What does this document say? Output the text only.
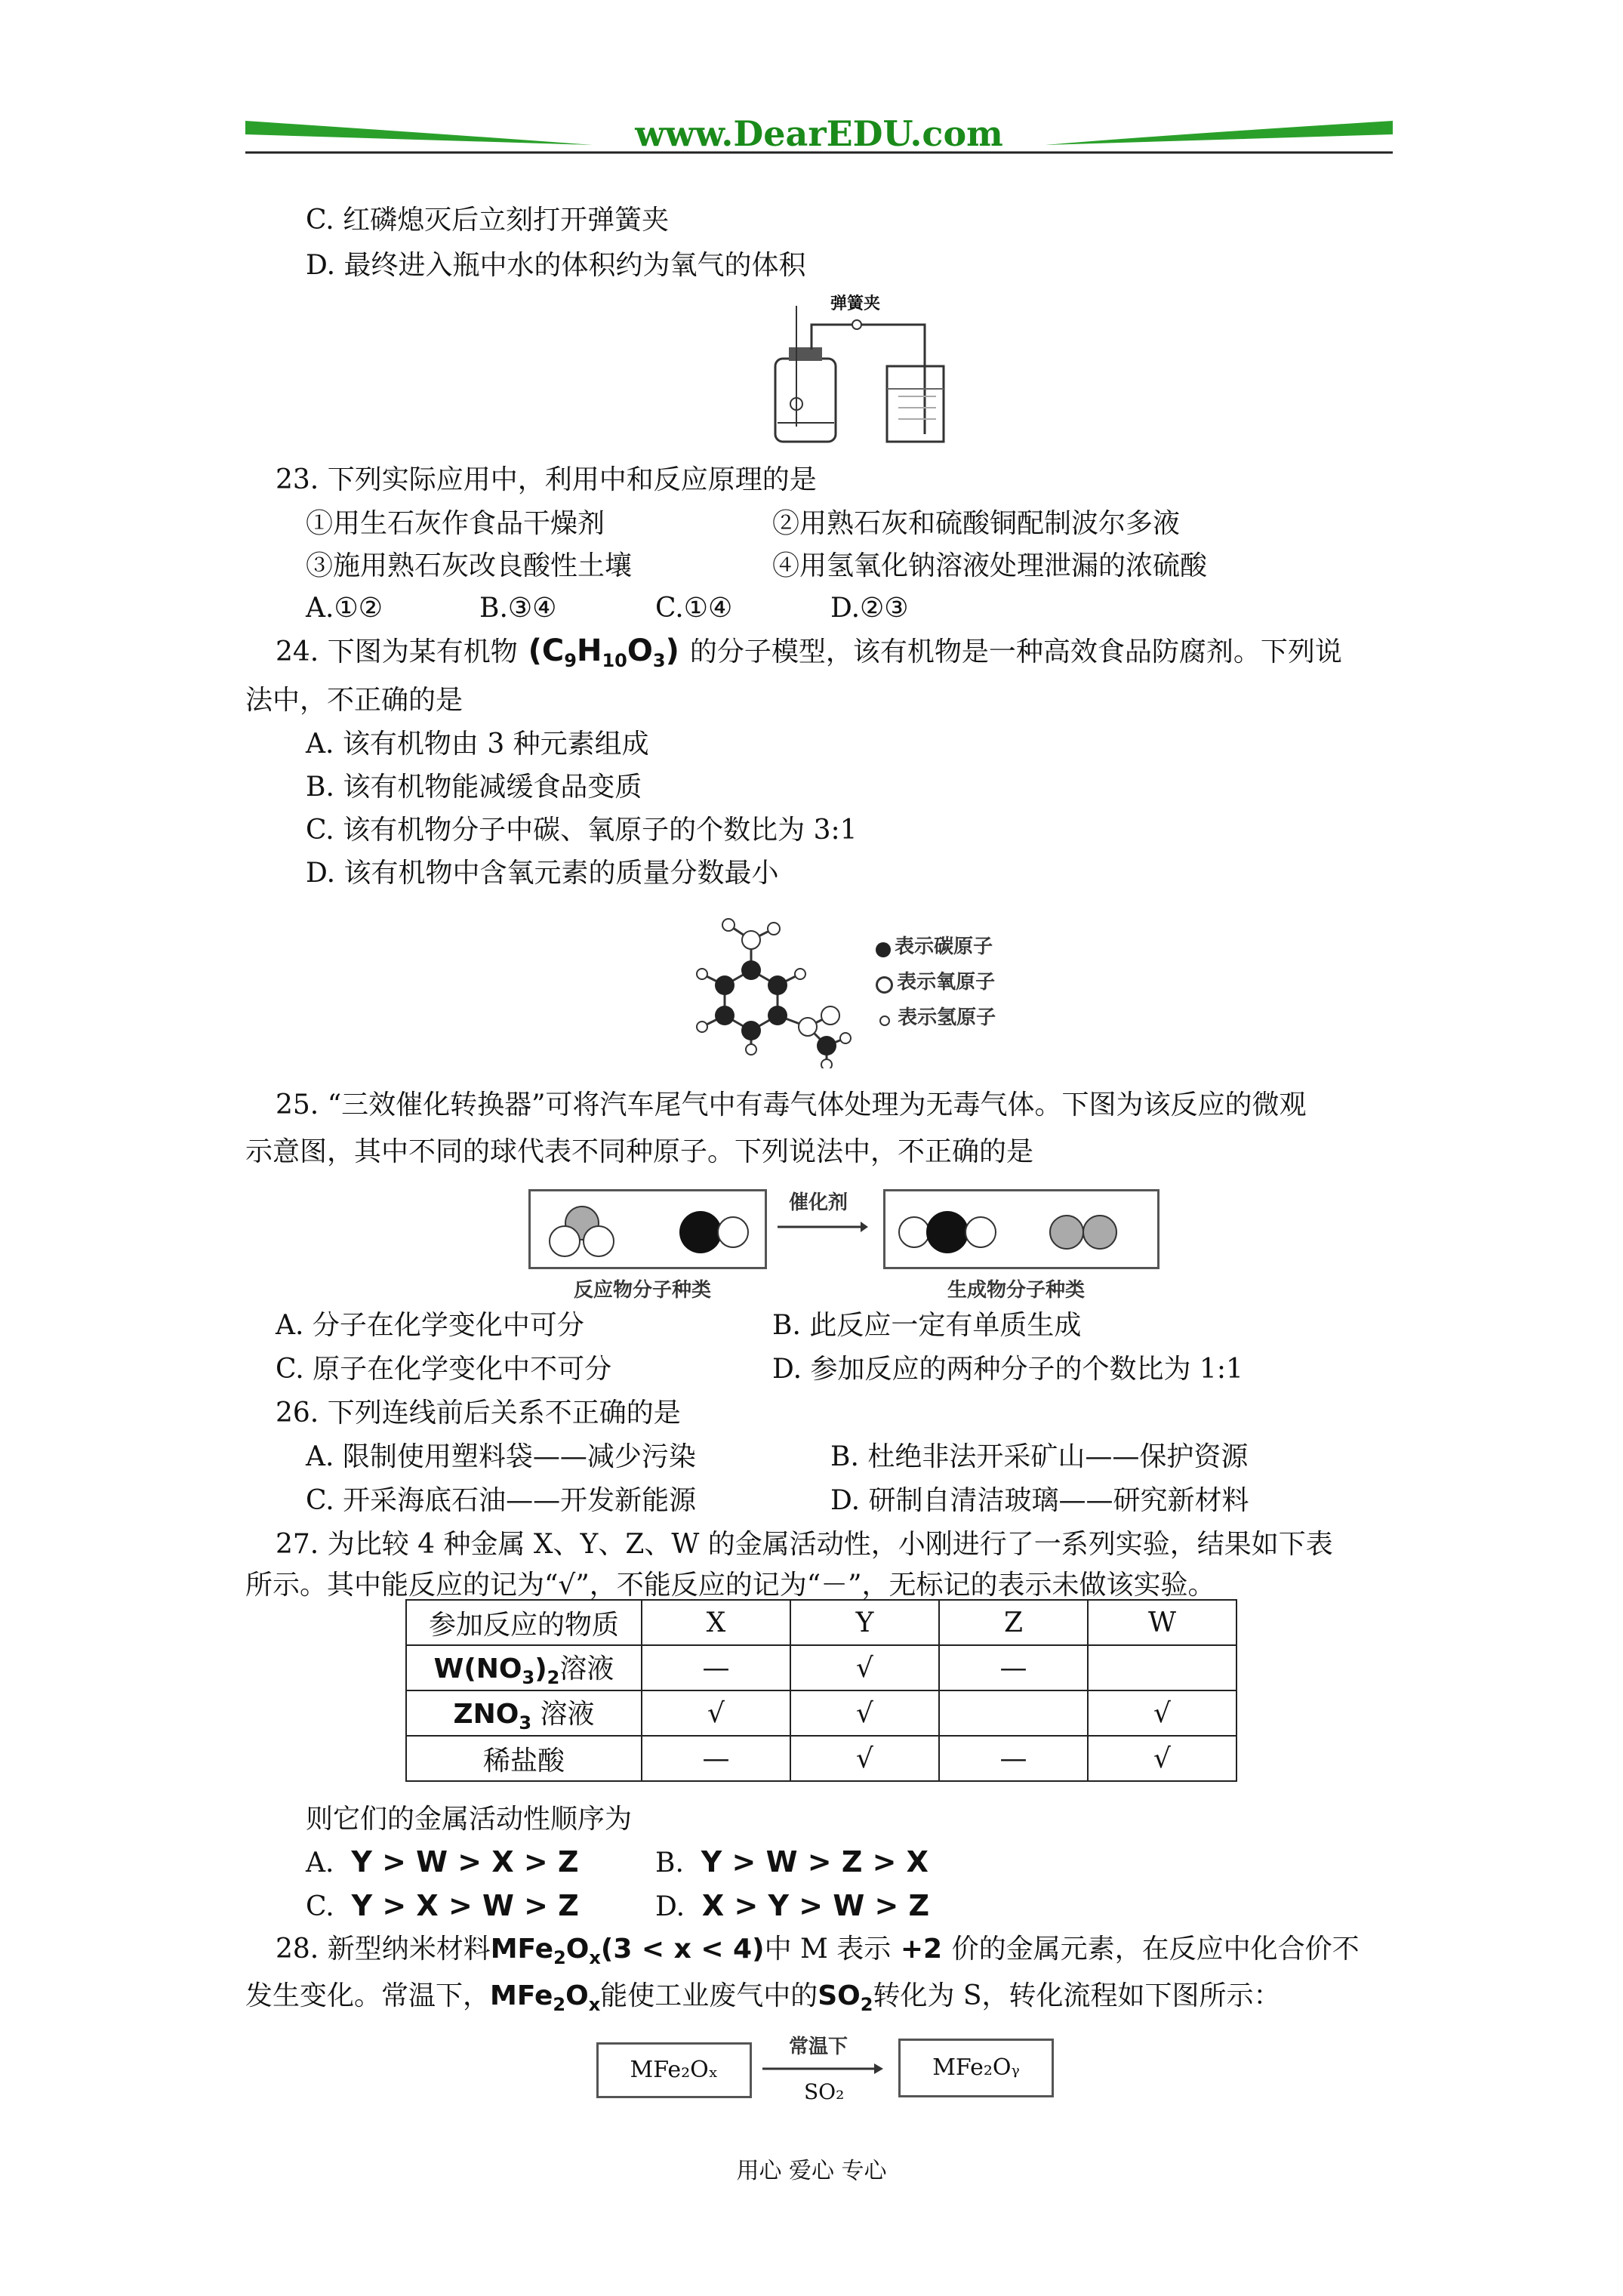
www.DearEDU.com
C. 红磷熄灭后立刻打开弹簧夹
D. 最终进入瓶中水的体积约为氧气的体积
弹簧夹
23. 下列实际应用中，利用中和反应原理的是
①用生石灰作食品干燥剂	②用熟石灰和硫酸铜配制波尔多液
③施用熟石灰改良酸性土壤	④用氢氧化钠溶液处理泄漏的浓硫酸
A.①②	B.③④	C.①④	D.②③
24. 下图为某有机物 $(C_9H_{10}O_3)$ 的分子模型，该有机物是一种高效食品防腐剂。下列说
法中，不正确的是
A. 该有机物由 3 种元素组成
B. 该有机物能减缓食品变质
C. 该有机物分子中碳、氧原子的个数比为 3:1
D. 该有机物中含氧元素的质量分数最小
表示碳原子
表示氧原子
表示氢原子
25. “三效催化转换器”可将汽车尾气中有毒气体处理为无毒气体。下图为该反应的微观
示意图，其中不同的球代表不同种原子。下列说法中，不正确的是
反应物分子种类
催化剂
生成物分子种类
A. 分子在化学变化中可分	B. 此反应一定有单质生成
C. 原子在化学变化中不可分	D. 参加反应的两种分子的个数比为 1:1
26. 下列连线前后关系不正确的是
A. 限制使用塑料袋——减少污染	B. 杜绝非法开采矿山——保护资源
C. 开采海底石油——开发新能源	D. 研制自清洁玻璃——研究新材料
27. 为比较 4 种金属 X、Y、Z、W 的金属活动性，小刚进行了一系列实验，结果如下表
所示。其中能反应的记为“√”，不能反应的记为“－”，无标记的表示未做该实验。
参加反应的物质	X	Y	Z	W
$W(NO_3)_2$溶液	—	√	—	
$ZNO_3$ 溶液	√	√		√
稀盐酸	—	√	—	√
则它们的金属活动性顺序为
A. Y > W > X > Z	B. Y > W > Z > X
C. Y > X > W > Z	D. X > Y > W > Z
28. 新型纳米材料$MFe_2O_x(3 < x < 4)$中 M 表示 +2 价的金属元素，在反应中化合价不
发生变化。常温下，$MFe_2O_x$能使工业废气中的$SO_2$转化为 S，转化流程如下图所示：
MFe₂Oₓ
常温下
SO₂
MFe₂Oᵧ
用心 爱心 专心
